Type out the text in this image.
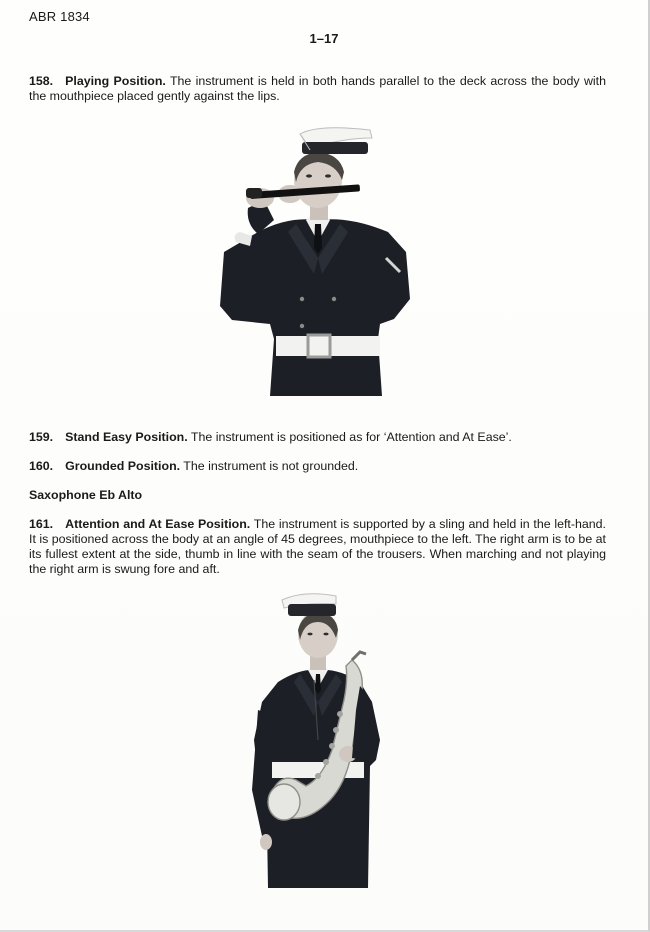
ABR 1834
1–17

158. Playing Position. The instrument is held in both hands parallel to the deck across the body with the mouthpiece placed gently against the lips.

159. Stand Easy Position. The instrument is positioned as for ‘Attention and At Ease’.

160. Grounded Position. The instrument is not grounded.

Saxophone Eb Alto

161. Attention and At Ease Position. The instrument is supported by a sling and held in the left-hand. It is positioned across the body at an angle of 45 degrees, mouthpiece to the left. The right arm is to be at its fullest extent at the side, thumb in line with the seam of the trousers. When marching and not playing the right arm is swung fore and aft.
